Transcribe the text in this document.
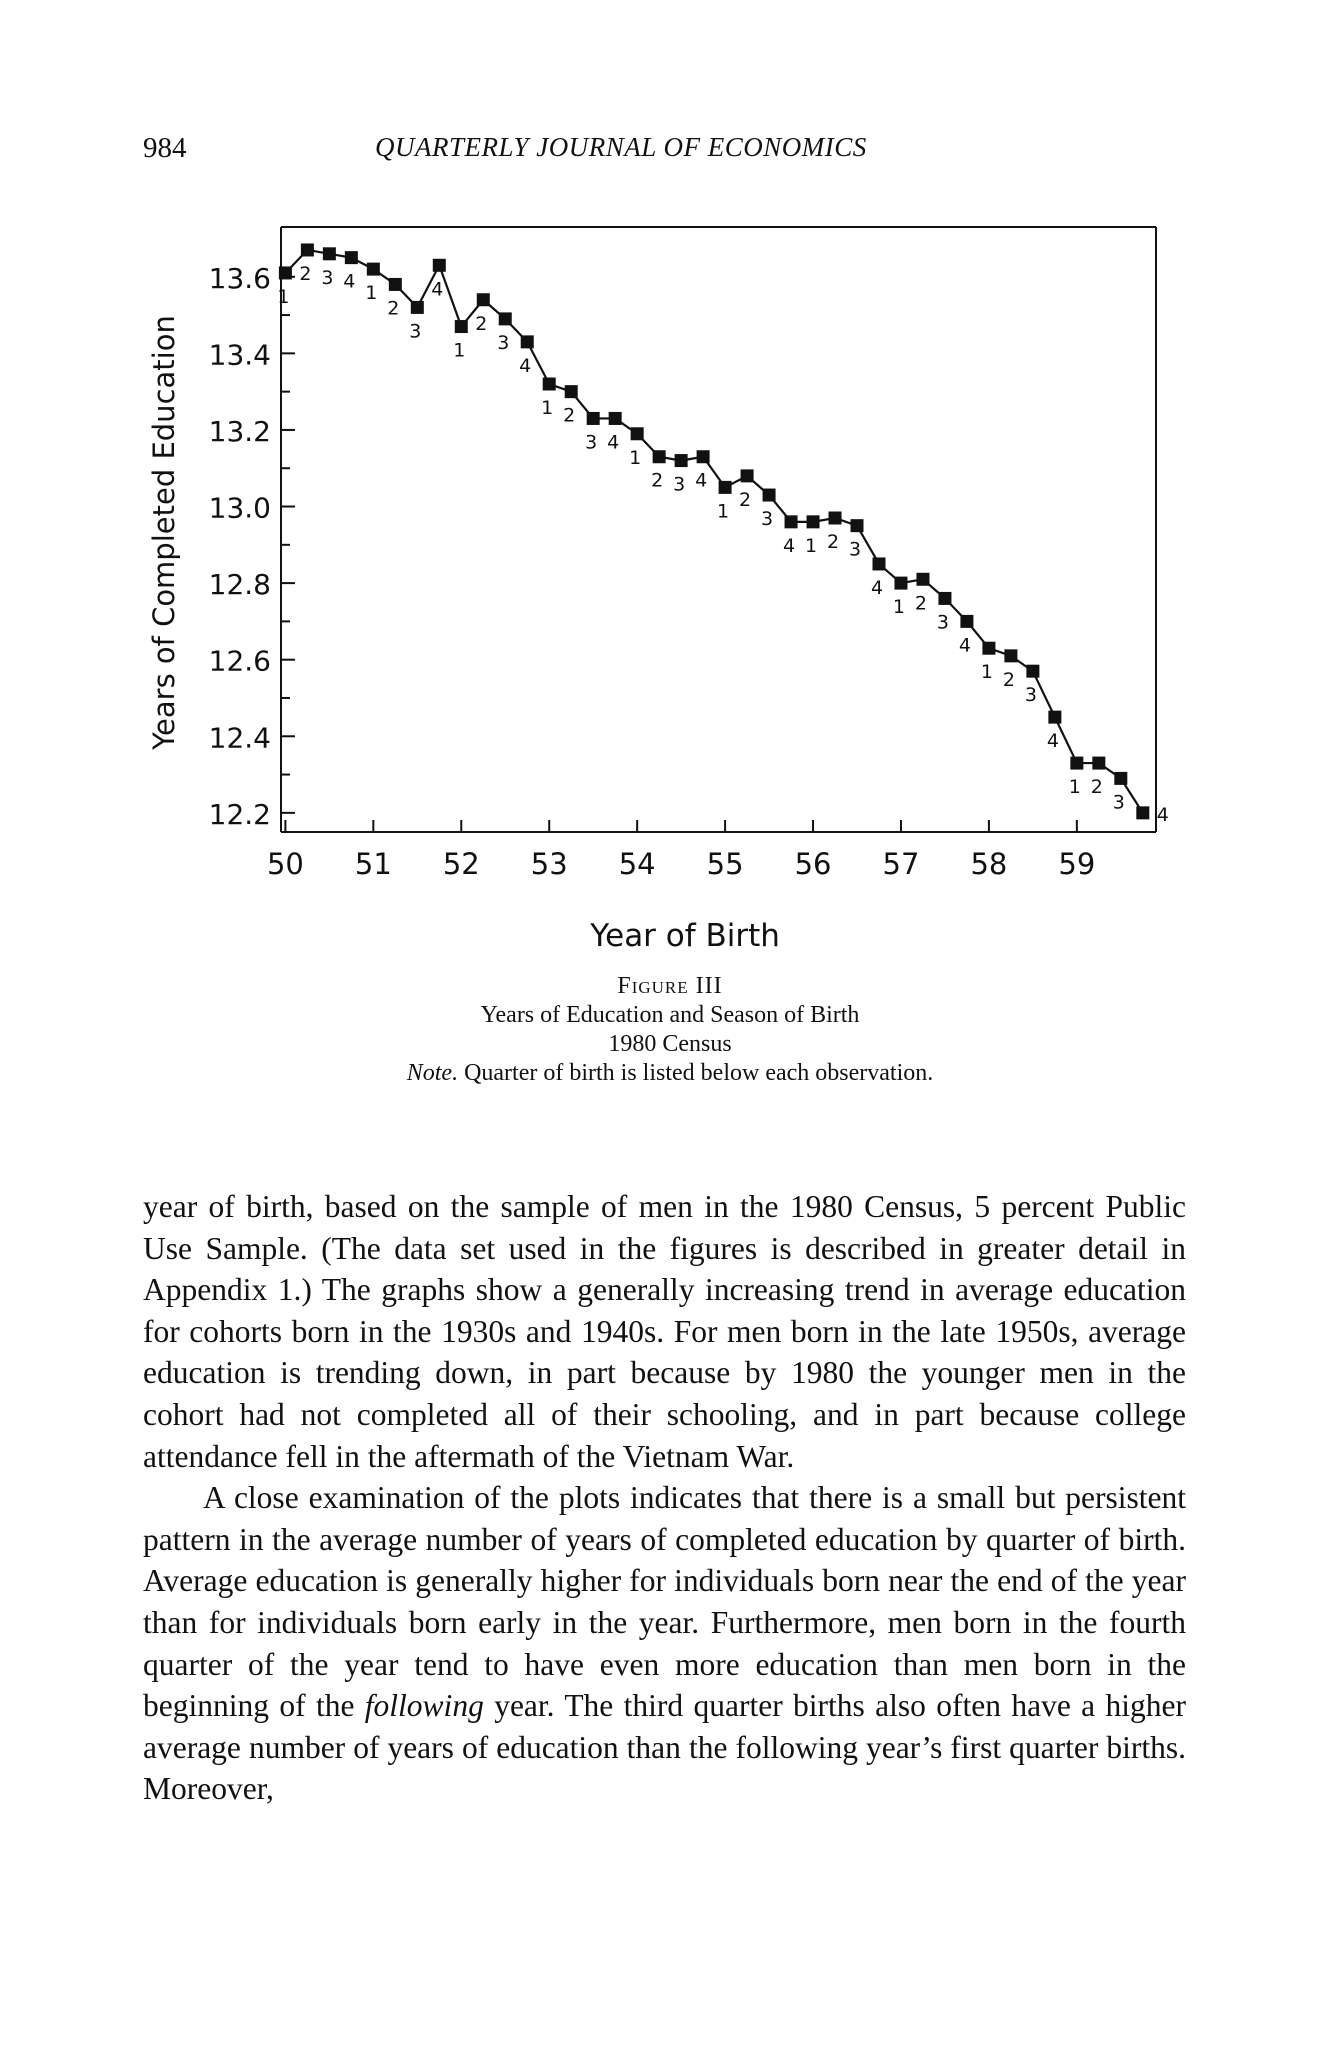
984	QUARTERLY JOURNAL OF ECONOMICS
13.6
13.4
13.2
13.0
12.8
12.6
12.4
12.2
50 51 52 53 54 55 56 57 58 59
1
2 3 4
1
2
3
4
1
2
3
4
1 2
3 4
1
2 3 4
1
2
3
4 1 2 3
4
1 2
3
4
1 2
3
4
1 2
3
4
Year of Birth
Years of Completed Education
Figure III
Years of Education and Season of Birth
1980 Census
Note. Quarter of birth is listed below each observation.

year of birth, based on the sample of men in the 1980 Census, 5 percent Public Use Sample. (The data set used in the figures is described in greater detail in Appendix 1.) The graphs show a generally increasing trend in average education for cohorts born in the 1930s and 1940s. For men born in the late 1950s, average education is trending down, in part because by 1980 the younger men in the cohort had not completed all of their schooling, and in part because college attendance fell in the aftermath of the Vietnam War.

A close examination of the plots indicates that there is a small but persistent pattern in the average number of years of completed education by quarter of birth. Average education is generally higher for individuals born near the end of the year than for individuals born early in the year. Furthermore, men born in the fourth quarter of the year tend to have even more education than men born in the beginning of the following year. The third quarter births also often have a higher average number of years of education than the following year’s first quarter births. Moreover,
